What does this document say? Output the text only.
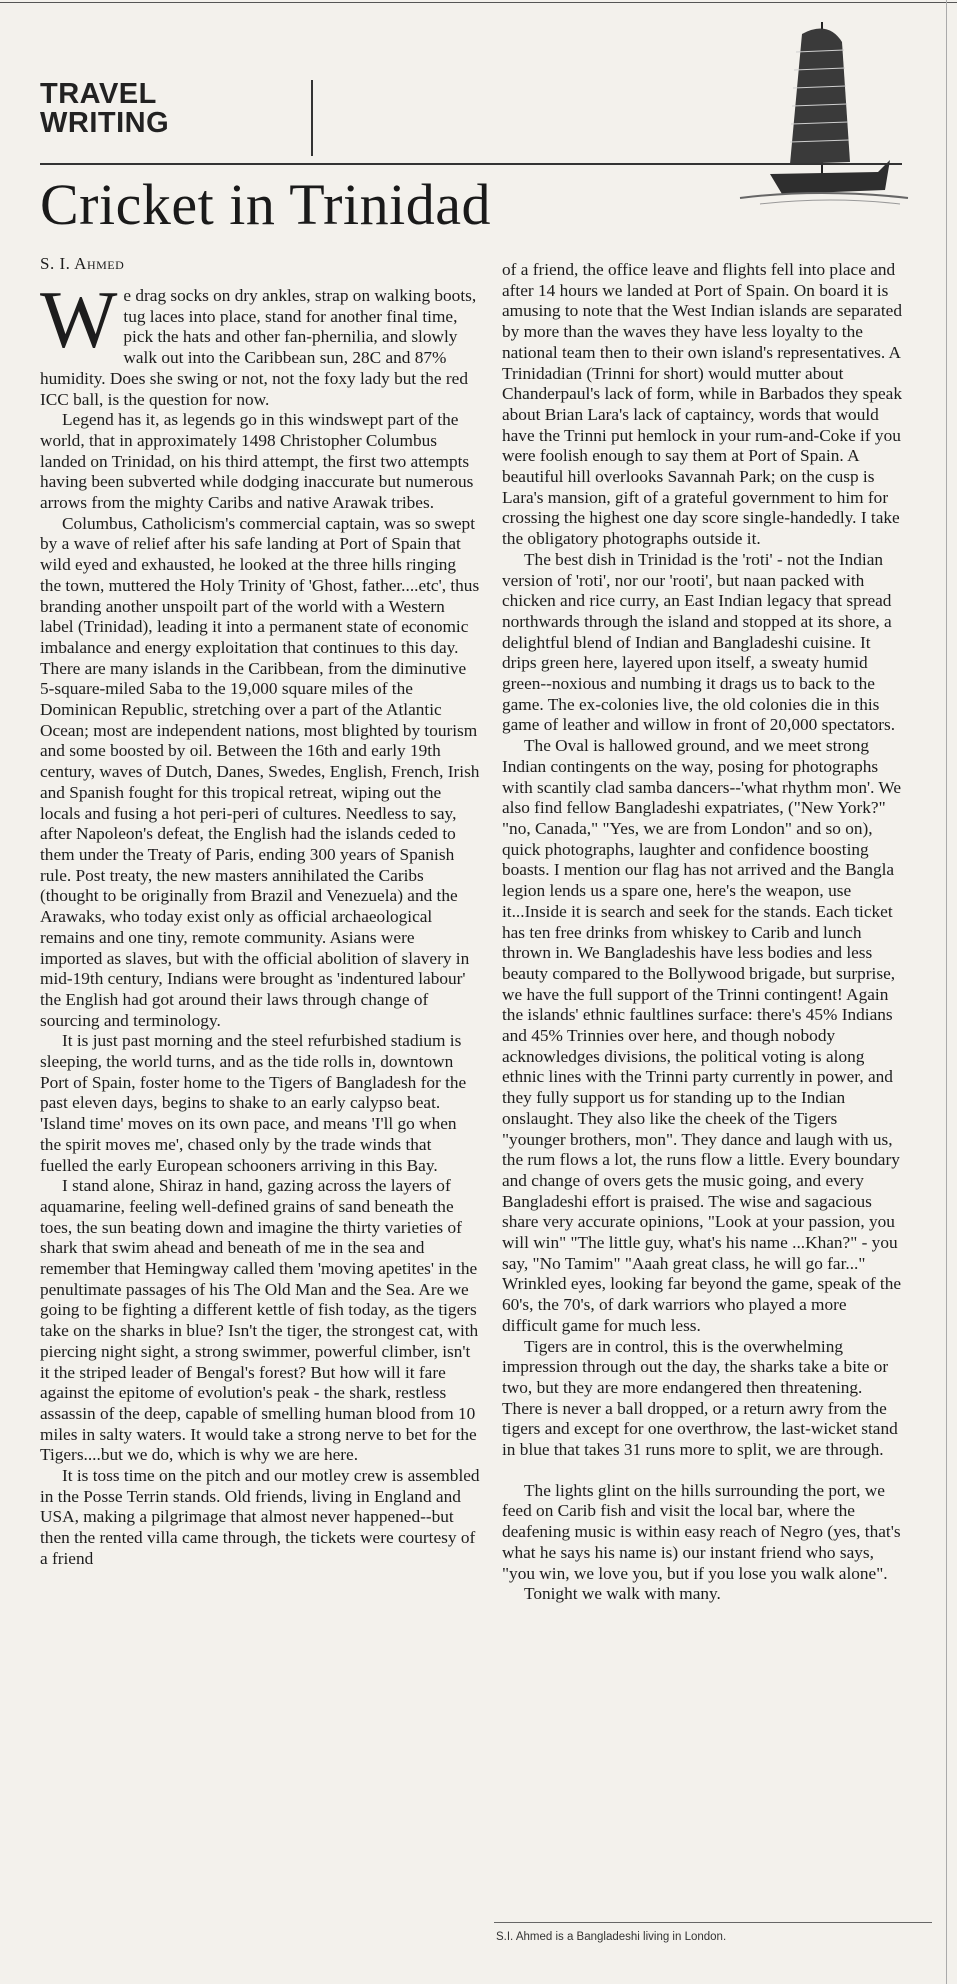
TRAVEL
WRITING
Cricket in Trinidad
S. I. Ahmed

We drag socks on dry ankles, strap on walking boots, tug laces into place, stand for another final time, pick the hats and other fan-phernilia, and slowly walk out into the Caribbean sun, 28C and 87% humidity. Does she swing or not, not the foxy lady but the red ICC ball, is the question for now.

Legend has it, as legends go in this windswept part of the world, that in approximately 1498 Christopher Columbus landed on Trinidad, on his third attempt, the first two attempts having been subverted while dodging inaccurate but numerous arrows from the mighty Caribs and native Arawak tribes.

Columbus, Catholicism's commercial captain, was so swept by a wave of relief after his safe landing at Port of Spain that wild eyed and exhausted, he looked at the three hills ringing the town, muttered the Holy Trinity of 'Ghost, father....etc', thus branding another unspoilt part of the world with a Western label (Trinidad), leading it into a permanent state of economic imbalance and energy exploitation that continues to this day. There are many islands in the Caribbean, from the diminutive 5-square-miled Saba to the 19,000 square miles of the Dominican Republic, stretching over a part of the Atlantic Ocean; most are independent nations, most blighted by tourism and some boosted by oil. Between the 16th and early 19th century, waves of Dutch, Danes, Swedes, English, French, Irish and Spanish fought for this tropical retreat, wiping out the locals and fusing a hot peri-peri of cultures. Needless to say, after Napoleon's defeat, the English had the islands ceded to them under the Treaty of Paris, ending 300 years of Spanish rule. Post treaty, the new masters annihilated the Caribs (thought to be originally from Brazil and Venezuela) and the Arawaks, who today exist only as official archaeological remains and one tiny, remote community. Asians were imported as slaves, but with the official abolition of slavery in mid-19th century, Indians were brought as 'indentured labour' the English had got around their laws through change of sourcing and terminology.

It is just past morning and the steel refurbished stadium is sleeping, the world turns, and as the tide rolls in, downtown Port of Spain, foster home to the Tigers of Bangladesh for the past eleven days, begins to shake to an early calypso beat. 'Island time' moves on its own pace, and means 'I'll go when the spirit moves me', chased only by the trade winds that fuelled the early European schooners arriving in this Bay.

I stand alone, Shiraz in hand, gazing across the layers of aquamarine, feeling well-defined grains of sand beneath the toes, the sun beating down and imagine the thirty varieties of shark that swim ahead and beneath of me in the sea and remember that Hemingway called them 'moving apetites' in the penultimate passages of his The Old Man and the Sea. Are we going to be fighting a different kettle of fish today, as the tigers take on the sharks in blue? Isn't the tiger, the strongest cat, with piercing night sight, a strong swimmer, powerful climber, isn't it the striped leader of Bengal's forest? But how will it fare against the epitome of evolution's peak - the shark, restless assassin of the deep, capable of smelling human blood from 10 miles in salty waters. It would take a strong nerve to bet for the Tigers....but we do, which is why we are here.

It is toss time on the pitch and our motley crew is assembled in the Posse Terrin stands. Old friends, living in England and USA, making a pilgrimage that almost never happened--but then the rented villa came through, the tickets were courtesy of a friend

of a friend, the office leave and flights fell into place and after 14 hours we landed at Port of Spain. On board it is amusing to note that the West Indian islands are separated by more than the waves they have less loyalty to the national team then to their own island's representatives. A Trinidadian (Trinni for short) would mutter about Chanderpaul's lack of form, while in Barbados they speak about Brian Lara's lack of captaincy, words that would have the Trinni put hemlock in your rum-and-Coke if you were foolish enough to say them at Port of Spain. A beautiful hill overlooks Savannah Park; on the cusp is Lara's mansion, gift of a grateful government to him for crossing the highest one day score single-handedly. I take the obligatory photographs outside it.

The best dish in Trinidad is the 'roti' - not the Indian version of 'roti', nor our 'rooti', but naan packed with chicken and rice curry, an East Indian legacy that spread northwards through the island and stopped at its shore, a delightful blend of Indian and Bangladeshi cuisine. It drips green here, layered upon itself, a sweaty humid green--noxious and numbing it drags us to back to the game. The ex-colonies live, the old colonies die in this game of leather and willow in front of 20,000 spectators.

The Oval is hallowed ground, and we meet strong Indian contingents on the way, posing for photographs with scantily clad samba dancers--'what rhythm mon'. We also find fellow Bangladeshi expatriates, ("New York?" "no, Canada," "Yes, we are from London" and so on), quick photographs, laughter and confidence boosting boasts. I mention our flag has not arrived and the Bangla legion lends us a spare one, here's the weapon, use it...Inside it is search and seek for the stands. Each ticket has ten free drinks from whiskey to Carib and lunch thrown in. We Bangladeshis have less bodies and less beauty compared to the Bollywood brigade, but surprise, we have the full support of the Trinni contingent! Again the islands' ethnic faultlines surface: there's 45% Indians and 45% Trinnies over here, and though nobody acknowledges divisions, the political voting is along ethnic lines with the Trinni party currently in power, and they fully support us for standing up to the Indian onslaught. They also like the cheek of the Tigers "younger brothers, mon". They dance and laugh with us, the rum flows a lot, the runs flow a little. Every boundary and change of overs gets the music going, and every Bangladeshi effort is praised. The wise and sagacious share very accurate opinions, "Look at your passion, you will win" "The little guy, what's his name ...Khan?" - you say, "No Tamim" "Aaah great class, he will go far..." Wrinkled eyes, looking far beyond the game, speak of the 60's, the 70's, of dark warriors who played a more difficult game for much less.

Tigers are in control, this is the overwhelming impression through out the day, the sharks take a bite or two, but they are more endangered then threatening. There is never a ball dropped, or a return awry from the tigers and except for one overthrow, the last-wicket stand in blue that takes 31 runs more to split, we are through.

The lights glint on the hills surrounding the port, we feed on Carib fish and visit the local bar, where the deafening music is within easy reach of Negro (yes, that's what he says his name is) our instant friend who says, "you win, we love you, but if you lose you walk alone".

Tonight we walk with many.

S.I. Ahmed is a Bangladeshi living in London.
